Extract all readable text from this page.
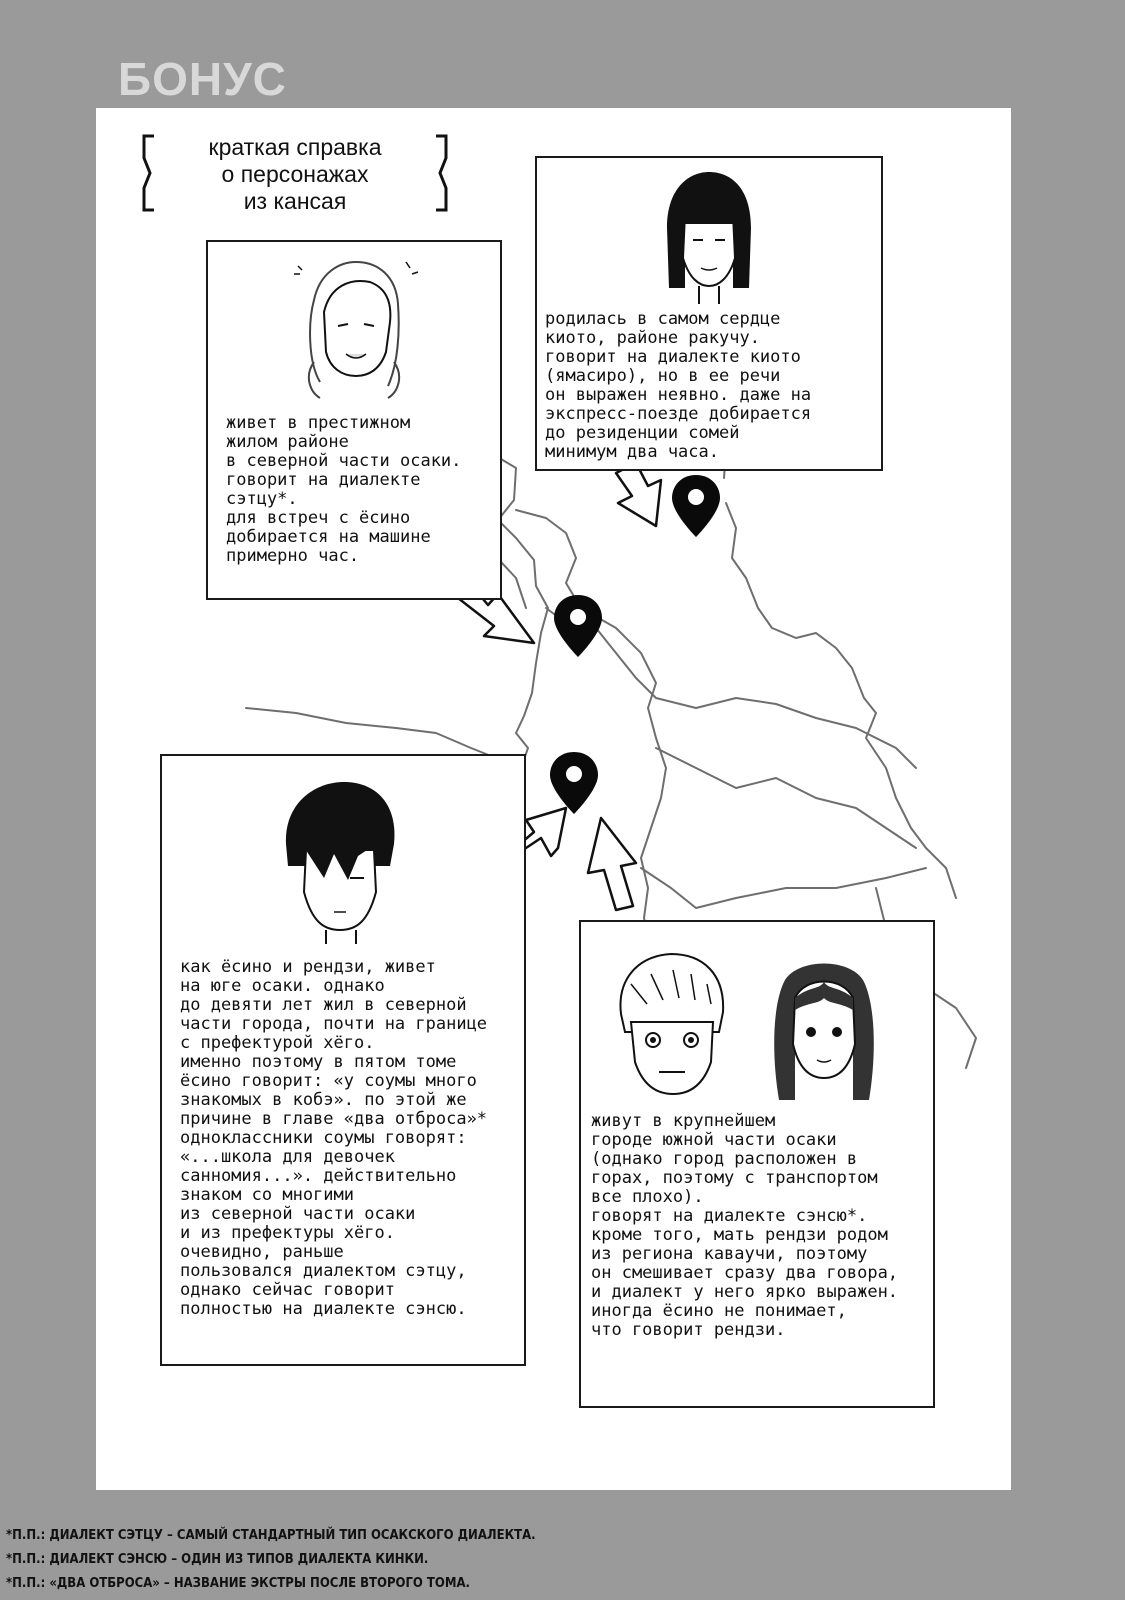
БОНУС
краткая справка
о персонажах
из кансая
родилась в самом сердце
киото, районе ракучу.
говорит на диалекте киото
(ямасиро), но в ее речи
он выражен неявно. даже на
экспресс-поезде добирается
до резиденции сомей
минимум два часа.
живет в престижном
жилом районе
в северной части осаки.
говорит на диалекте
сэтцу*.
для встреч с ёсино
добирается на машине
примерно час.
как ёсино и рендзи, живет
на юге осаки. однако
до девяти лет жил в северной
части города, почти на границе
с префектурой хёго.
именно поэтому в пятом томе
ёсино говорит: «у соумы много
знакомых в кобэ». по этой же
причине в главе «два отброса»*
одноклассники соумы говорят:
«...школа для девочек
санномия...». действительно
знаком со многими
из северной части осаки
и из префектуры хёго.
очевидно, раньше
пользовался диалектом сэтцу,
однако сейчас говорит
полностью на диалекте сэнсю.
живут в крупнейшем
городе южной части осаки
(однако город расположен в
горах, поэтому с транспортом
все плохо).
говорят на диалекте сэнсю*.
кроме того, мать рендзи родом
из региона каваучи, поэтому
он смешивает сразу два говора,
и диалект у него ярко выражен.
иногда ёсино не понимает,
что говорит рендзи.
*П.П.: ДИАЛЕКТ СЭТЦУ – САМЫЙ СТАНДАРТНЫЙ ТИП ОСАКСКОГО ДИАЛЕКТА.
*П.П.: ДИАЛЕКТ СЭНСЮ – ОДИН ИЗ ТИПОВ ДИАЛЕКТА КИНКИ.
*П.П.: «ДВА ОТБРОСА» – НАЗВАНИЕ ЭКСТРЫ ПОСЛЕ ВТОРОГО ТОМА.
